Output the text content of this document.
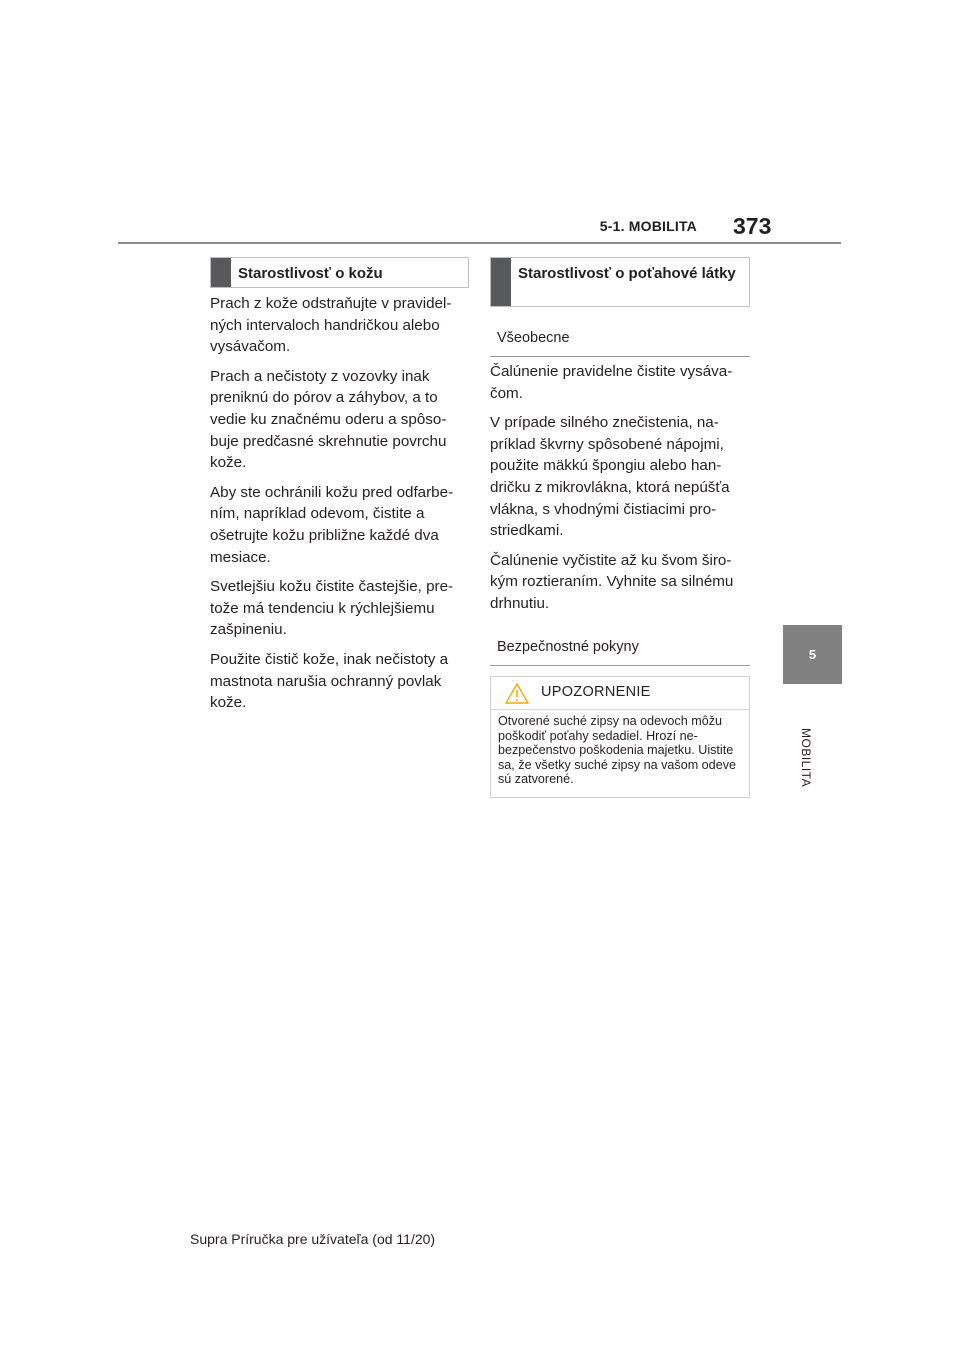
5-1. MOBILITA 373
5
MOBILITA
Starostlivosť o kožu

Prach z kože odstraňujte v pravidel-ných intervaloch handričkou alebo vysávačom.

Prach a nečistoty z vozovky inak preniknú do pórov a záhybov, a to vedie ku značnému oderu a spôso-buje predčasné skrehnutie povrchu kože.

Aby ste ochránili kožu pred odfarbe-ním, napríklad odevom, čistite a ošetrujte kožu približne každé dva mesiace.

Svetlejšiu kožu čistite častejšie, pre-tože má tendenciu k rýchlejšiemu zašpineniu.

Použite čistič kože, inak nečistoty a mastnota narušia ochranný povlak kože.

Starostlivosť o poťahové látky
Všeobecne

Čalúnenie pravidelne čistite vysáva-čom.

V prípade silného znečistenia, na-príklad škvrny spôsobené nápojmi, použite mäkkú špongiu alebo han-dričku z mikrovlákna, ktorá nepúšťa vlákna, s vhodnými čistiacimi pro-striedkami.

Čalúnenie vyčistite až ku švom širo-kým roztieraním. Vyhnite sa silnému drhnutiu.

Bezpečnostné pokyny
UPOZORNENIE
Otvorené suché zipsy na odevoch môžu poškodiť poťahy sedadiel. Hrozí ne-bezpečenstvo poškodenia majetku. Uistite sa, že všetky suché zipsy na vašom odeve sú zatvorené.
Supra Príručka pre užívateľa (od 11/20)
